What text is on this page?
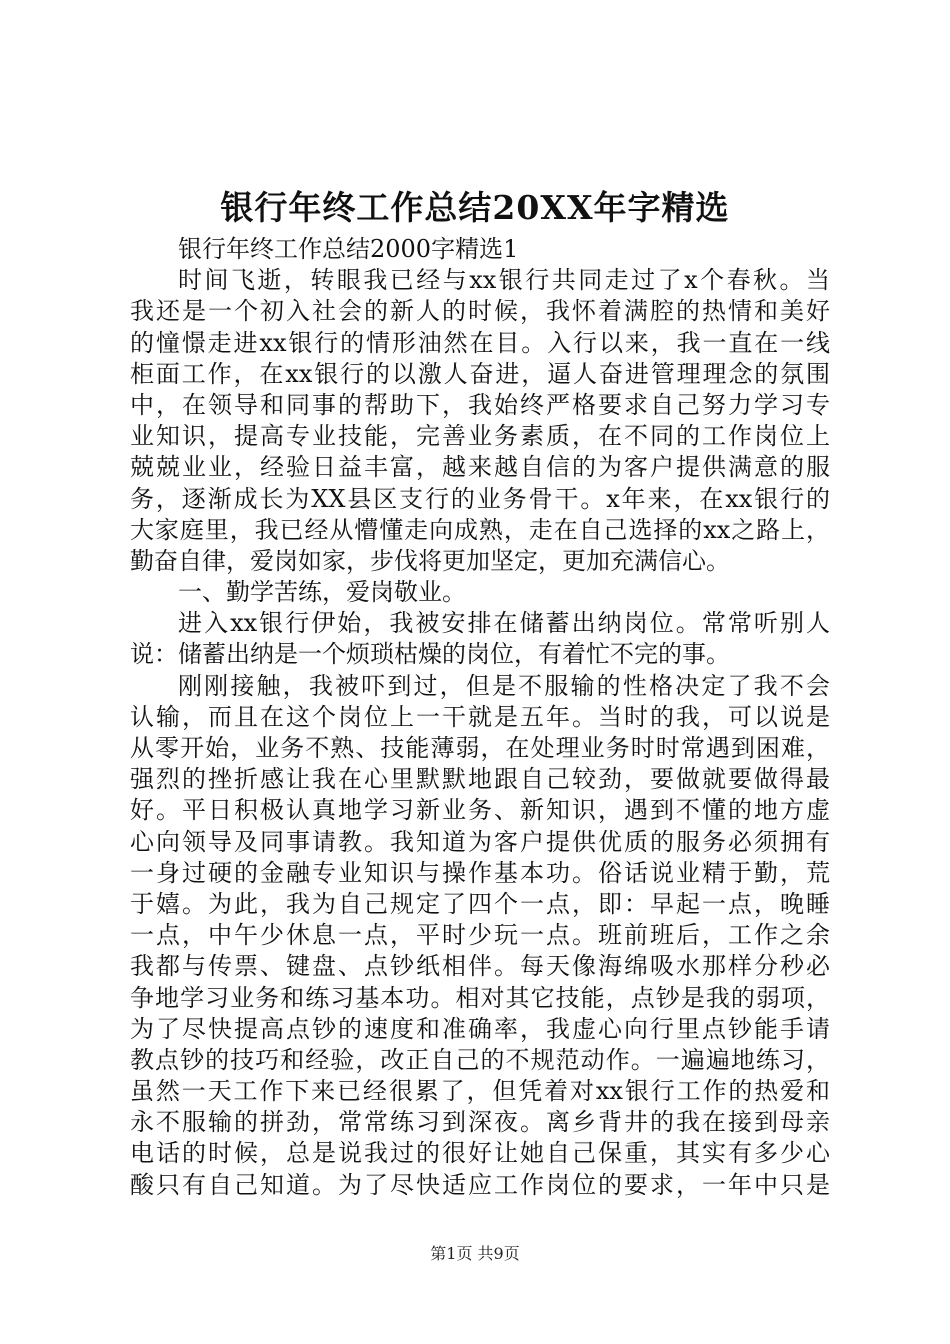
银行年终工作总结20XX年字精选
银行年终工作总结2000字精选1
时间飞逝，转眼我已经与xx银行共同走过了x个春秋。当
我还是一个初入社会的新人的时候，我怀着满腔的热情和美好
的憧憬走进xx银行的情形油然在目。入行以来，我一直在一线
柜面工作，在xx银行的以激人奋进，逼人奋进管理理念的氛围
中，在领导和同事的帮助下，我始终严格要求自己努力学习专
业知识，提高专业技能，完善业务素质，在不同的工作岗位上
兢兢业业，经验日益丰富，越来越自信的为客户提供满意的服
务，逐渐成长为XX县区支行的业务骨干。x年来，在xx银行的
大家庭里，我已经从懵懂走向成熟，走在自己选择的xx之路上，
勤奋自律，爱岗如家，步伐将更加坚定，更加充满信心。
一、勤学苦练，爱岗敬业。
进入xx银行伊始，我被安排在储蓄出纳岗位。常常听别人
说：储蓄出纳是一个烦琐枯燥的岗位，有着忙不完的事。
刚刚接触，我被吓到过，但是不服输的性格决定了我不会
认输，而且在这个岗位上一干就是五年。当时的我，可以说是
从零开始，业务不熟、技能薄弱，在处理业务时时常遇到困难，
强烈的挫折感让我在心里默默地跟自己较劲，要做就要做得最
好。平日积极认真地学习新业务、新知识，遇到不懂的地方虚
心向领导及同事请教。我知道为客户提供优质的服务必须拥有
一身过硬的金融专业知识与操作基本功。俗话说业精于勤，荒
于嬉。为此，我为自己规定了四个一点，即：早起一点，晚睡
一点，中午少休息一点，平时少玩一点。班前班后，工作之余
我都与传票、键盘、点钞纸相伴。每天像海绵吸水那样分秒必
争地学习业务和练习基本功。相对其它技能，点钞是我的弱项，
为了尽快提高点钞的速度和准确率，我虚心向行里点钞能手请
教点钞的技巧和经验，改正自己的不规范动作。一遍遍地练习，
虽然一天工作下来已经很累了，但凭着对xx银行工作的热爱和
永不服输的拼劲，常常练习到深夜。离乡背井的我在接到母亲
电话的时候，总是说我过的很好让她自己保重，其实有多少心
酸只有自己知道。为了尽快适应工作岗位的要求，一年中只是
第1页 共9页
